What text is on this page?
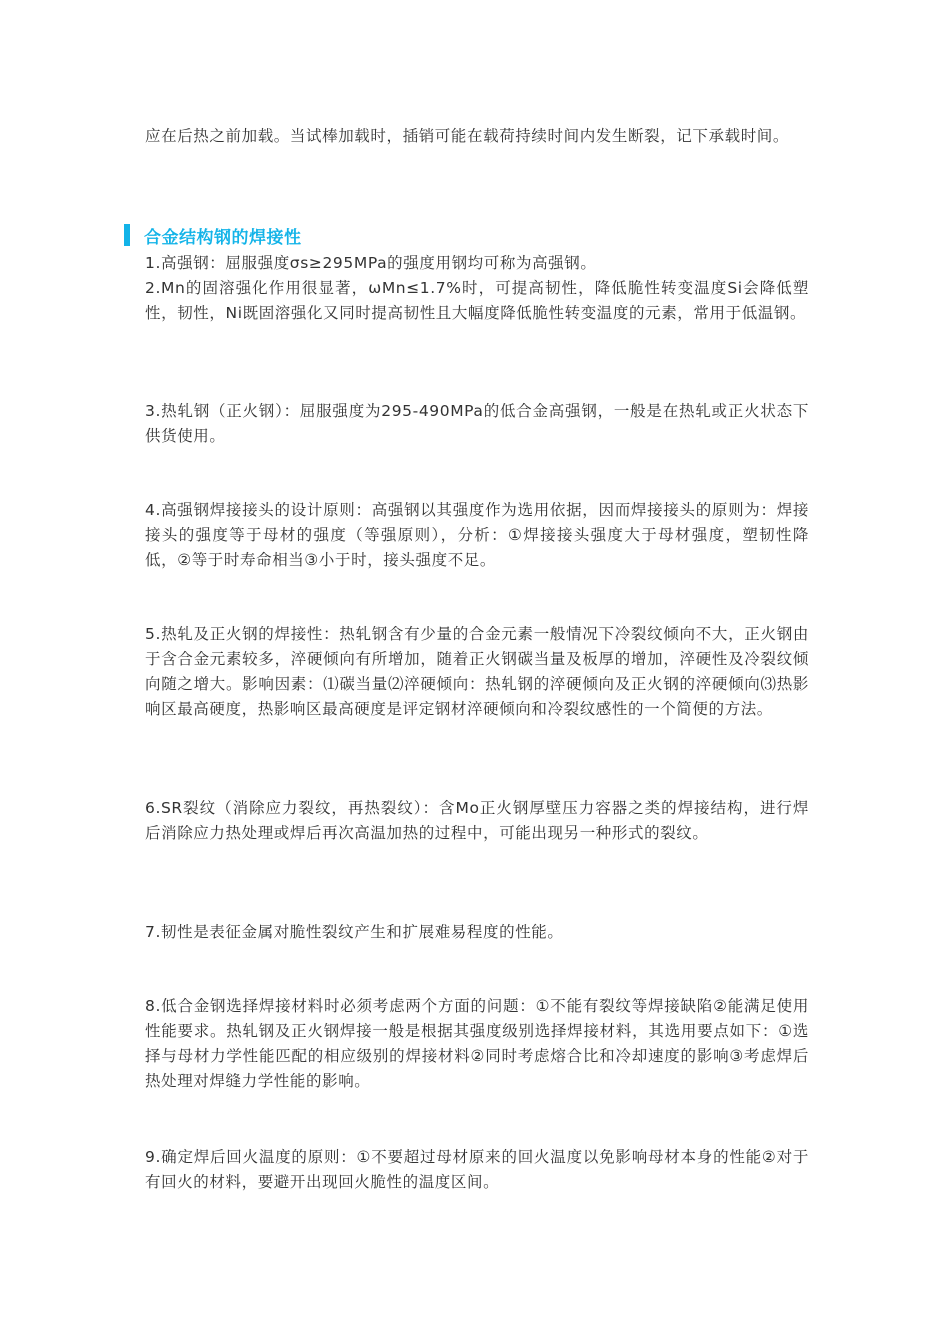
应在后热之前加载。当试棒加载时，插销可能在载荷持续时间内发生断裂，记下承载时间。

合金结构钢的焊接性

1.高强钢：屈服强度σs≥295MPa的强度用钢均可称为高强钢。

2.Mn的固溶强化作用很显著，ωMn≤1.7%时，可提高韧性，降低脆性转变温度Si会降低塑性，韧性，Ni既固溶强化又同时提高韧性且大幅度降低脆性转变温度的元素，常用于低温钢。

3.热轧钢（正火钢）：屈服强度为295-490MPa的低合金高强钢，一般是在热轧或正火状态下供货使用。

4.高强钢焊接接头的设计原则：高强钢以其强度作为选用依据，因而焊接接头的原则为：焊接接头的强度等于母材的强度（等强原则），分析：①焊接接头强度大于母材强度，塑韧性降低，②等于时寿命相当③小于时，接头强度不足。

5.热轧及正火钢的焊接性：热轧钢含有少量的合金元素一般情况下冷裂纹倾向不大，正火钢由于含合金元素较多，淬硬倾向有所增加，随着正火钢碳当量及板厚的增加，淬硬性及冷裂纹倾向随之增大。影响因素：⑴碳当量⑵淬硬倾向：热轧钢的淬硬倾向及正火钢的淬硬倾向⑶热影响区最高硬度，热影响区最高硬度是评定钢材淬硬倾向和冷裂纹感性的一个简便的方法。

6.SR裂纹（消除应力裂纹，再热裂纹）：含Mo正火钢厚壁压力容器之类的焊接结构，进行焊后消除应力热处理或焊后再次高温加热的过程中，可能出现另一种形式的裂纹。

7.韧性是表征金属对脆性裂纹产生和扩展难易程度的性能。

8.低合金钢选择焊接材料时必须考虑两个方面的问题：①不能有裂纹等焊接缺陷②能满足使用性能要求。热轧钢及正火钢焊接一般是根据其强度级别选择焊接材料，其选用要点如下：①选择与母材力学性能匹配的相应级别的焊接材料②同时考虑熔合比和冷却速度的影响③考虑焊后热处理对焊缝力学性能的影响。

9.确定焊后回火温度的原则：①不要超过母材原来的回火温度以免影响母材本身的性能②对于有回火的材料，要避开出现回火脆性的温度区间。
